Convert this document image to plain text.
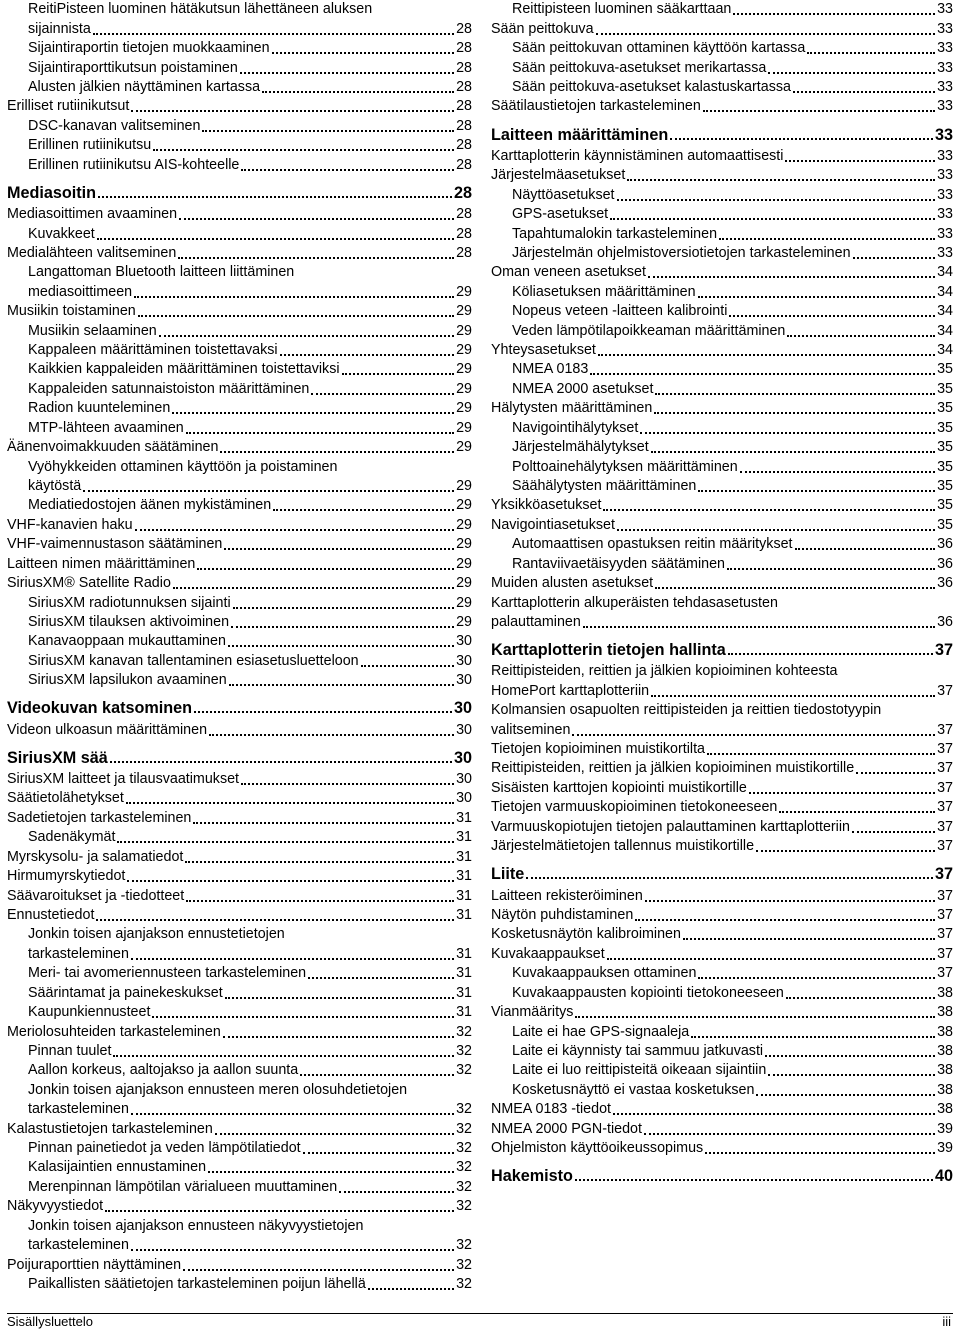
ReitiPisteen luominen hätäkutsun lähettäneen aluksen
sijainnista	28
Sijaintiraportin tietojen muokkaaminen	28
Sijaintiraporttikutsun poistaminen	28
Alusten jälkien näyttäminen kartassa	28
Erilliset rutiinikutsut	28
DSC-kanavan valitseminen	28
Erillinen rutiinikutsu	28
Erillinen rutiinikutsu AIS-kohteelle	28
Mediasoitin	28
Mediasoittimen avaaminen	28
Kuvakkeet	28
Medialähteen valitseminen	28
Langattoman Bluetooth laitteen liittäminen
mediasoittimeen	29
Musiikin toistaminen	29
Musiikin selaaminen	29
Kappaleen määrittäminen toistettavaksi	29
Kaikkien kappaleiden määrittäminen toistettaviksi	29
Kappaleiden satunnaistoiston määrittäminen	29
Radion kuunteleminen	29
MTP-lähteen avaaminen	29
Äänenvoimakkuuden säätäminen	29
Vyöhykkeiden ottaminen käyttöön ja poistaminen
käytöstä	29
Mediatiedostojen äänen mykistäminen	29
VHF-kanavien haku	29
VHF-vaimennustason säätäminen	29
Laitteen nimen määrittäminen	29
SiriusXM® Satellite Radio	29
SiriusXM radiotunnuksen sijainti	29
SiriusXM tilauksen aktivoiminen	29
Kanavaoppaan mukauttaminen	30
SiriusXM kanavan tallentaminen esiasetusluetteloon	30
SiriusXM lapsilukon avaaminen	30
Videokuvan katsominen	30
Videon ulkoasun määrittäminen	30
SiriusXM sää	30
SiriusXM laitteet ja tilausvaatimukset	30
Säätietolähetykset	30
Sadetietojen tarkasteleminen	31
Sadenäkymät	31
Myrskysolu- ja salamatiedot	31
Hirmumyrskytiedot	31
Säävaroitukset ja -tiedotteet	31
Ennustetiedot	31
Jonkin toisen ajanjakson ennustetietojen
tarkasteleminen	31
Meri- tai avomeriennusteen tarkasteleminen	31
Säärintamat ja painekeskukset	31
Kaupunkiennusteet	31
Meriolosuhteiden tarkasteleminen	32
Pinnan tuulet	32
Aallon korkeus, aaltojakso ja aallon suunta	32
Jonkin toisen ajanjakson ennusteen meren olosuhdetietojen
tarkasteleminen	32
Kalastustietojen tarkasteleminen	32
Pinnan painetiedot ja veden lämpötilatiedot	32
Kalasijaintien ennustaminen	32
Merenpinnan lämpötilan värialueen muuttaminen	32
Näkyvyystiedot	32
Jonkin toisen ajanjakson ennusteen näkyvyystietojen
tarkasteleminen	32
Poijuraporttien näyttäminen	32
Paikallisten säätietojen tarkasteleminen poijun lähellä	32
Reittipisteen luominen sääkarttaan	33
Sään peittokuva	33
Sään peittokuvan ottaminen käyttöön kartassa	33
Sään peittokuva-asetukset merikartassa	33
Sään peittokuva-asetukset kalastuskartassa	33
Säätilaustietojen tarkasteleminen	33
Laitteen määrittäminen	33
Karttaplotterin käynnistäminen automaattisesti	33
Järjestelmäasetukset	33
Näyttöasetukset	33
GPS-asetukset	33
Tapahtumalokin tarkasteleminen	33
Järjestelmän ohjelmistoversiotietojen tarkasteleminen	33
Oman veneen asetukset	34
Köliasetuksen määrittäminen	34
Nopeus veteen -laitteen kalibrointi	34
Veden lämpötilapoikkeaman määrittäminen	34
Yhteysasetukset	34
NMEA 0183	35
NMEA 2000 asetukset	35
Hälytysten määrittäminen	35
Navigointihälytykset	35
Järjestelmähälytykset	35
Polttoainehälytyksen määrittäminen	35
Säähälytysten määrittäminen	35
Yksikköasetukset	35
Navigointiasetukset	35
Automaattisen opastuksen reitin määritykset	36
Rantaviivaetäisyyden säätäminen	36
Muiden alusten asetukset	36
Karttaplotterin alkuperäisten tehdasasetusten
palauttaminen	36
Karttaplotterin tietojen hallinta	37
Reittipisteiden, reittien ja jälkien kopioiminen kohteesta
HomePort karttaplotteriin	37
Kolmansien osapuolten reittipisteiden ja reittien tiedostotyypin
valitseminen	37
Tietojen kopioiminen muistikortilta	37
Reittipisteiden, reittien ja jälkien kopioiminen muistikortille	37
Sisäisten karttojen kopiointi muistikortille	37
Tietojen varmuuskopioiminen tietokoneeseen	37
Varmuuskopiotujen tietojen palauttaminen karttaplotteriin	37
Järjestelmätietojen tallennus muistikortille	37
Liite	37
Laitteen rekisteröiminen	37
Näytön puhdistaminen	37
Kosketusnäytön kalibroiminen	37
Kuvakaappaukset	37
Kuvakaappauksen ottaminen	37
Kuvakaappausten kopiointi tietokoneeseen	38
Vianmääritys	38
Laite ei hae GPS-signaaleja	38
Laite ei käynnisty tai sammuu jatkuvasti	38
Laite ei luo reittipisteitä oikeaan sijaintiin	38
Kosketusnäyttö ei vastaa kosketuksen	38
NMEA 0183 -tiedot	38
NMEA 2000 PGN-tiedot	39
Ohjelmiston käyttöoikeussopimus	39
Hakemisto	40
Sisällysluettelo	iii
